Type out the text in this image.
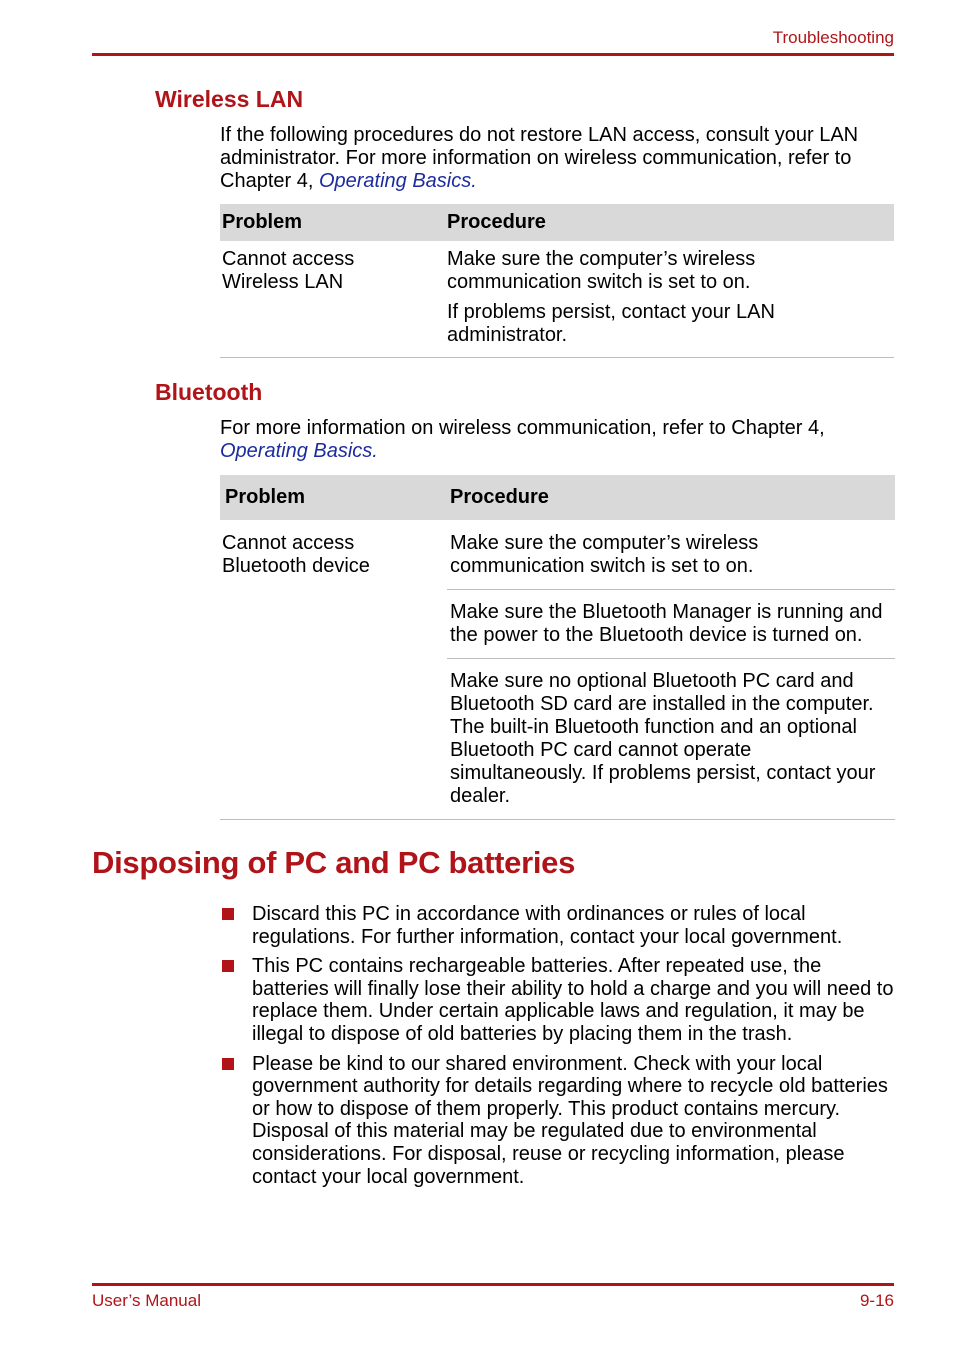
Troubleshooting
Wireless LAN
If the following procedures do not restore LAN access, consult your LAN administrator. For more information on wireless communication, refer to Chapter 4, Operating Basics.
Problem	Procedure
Cannot access Wireless LAN	Make sure the computer’s wireless communication switch is set to on.
If problems persist, contact your LAN administrator.
Bluetooth
For more information on wireless communication, refer to Chapter 4,
Operating Basics.
Problem	Procedure
Cannot access Bluetooth device	Make sure the computer’s wireless communication switch is set to on.
	Make sure the Bluetooth Manager is running and the power to the Bluetooth device is turned on.
	Make sure no optional Bluetooth PC card and Bluetooth SD card are installed in the computer. The built-in Bluetooth function and an optional Bluetooth PC card cannot operate simultaneously. If problems persist, contact your dealer.
Disposing of PC and PC batteries
Discard this PC in accordance with ordinances or rules of local regulations. For further information, contact your local government.
This PC contains rechargeable batteries. After repeated use, the batteries will finally lose their ability to hold a charge and you will need to replace them. Under certain applicable laws and regulation, it may be illegal to dispose of old batteries by placing them in the trash.
Please be kind to our shared environment. Check with your local government authority for details regarding where to recycle old batteries or how to dispose of them properly. This product contains mercury. Disposal of this material may be regulated due to environmental considerations. For disposal, reuse or recycling information, please contact your local government.
User’s Manual	9-16
